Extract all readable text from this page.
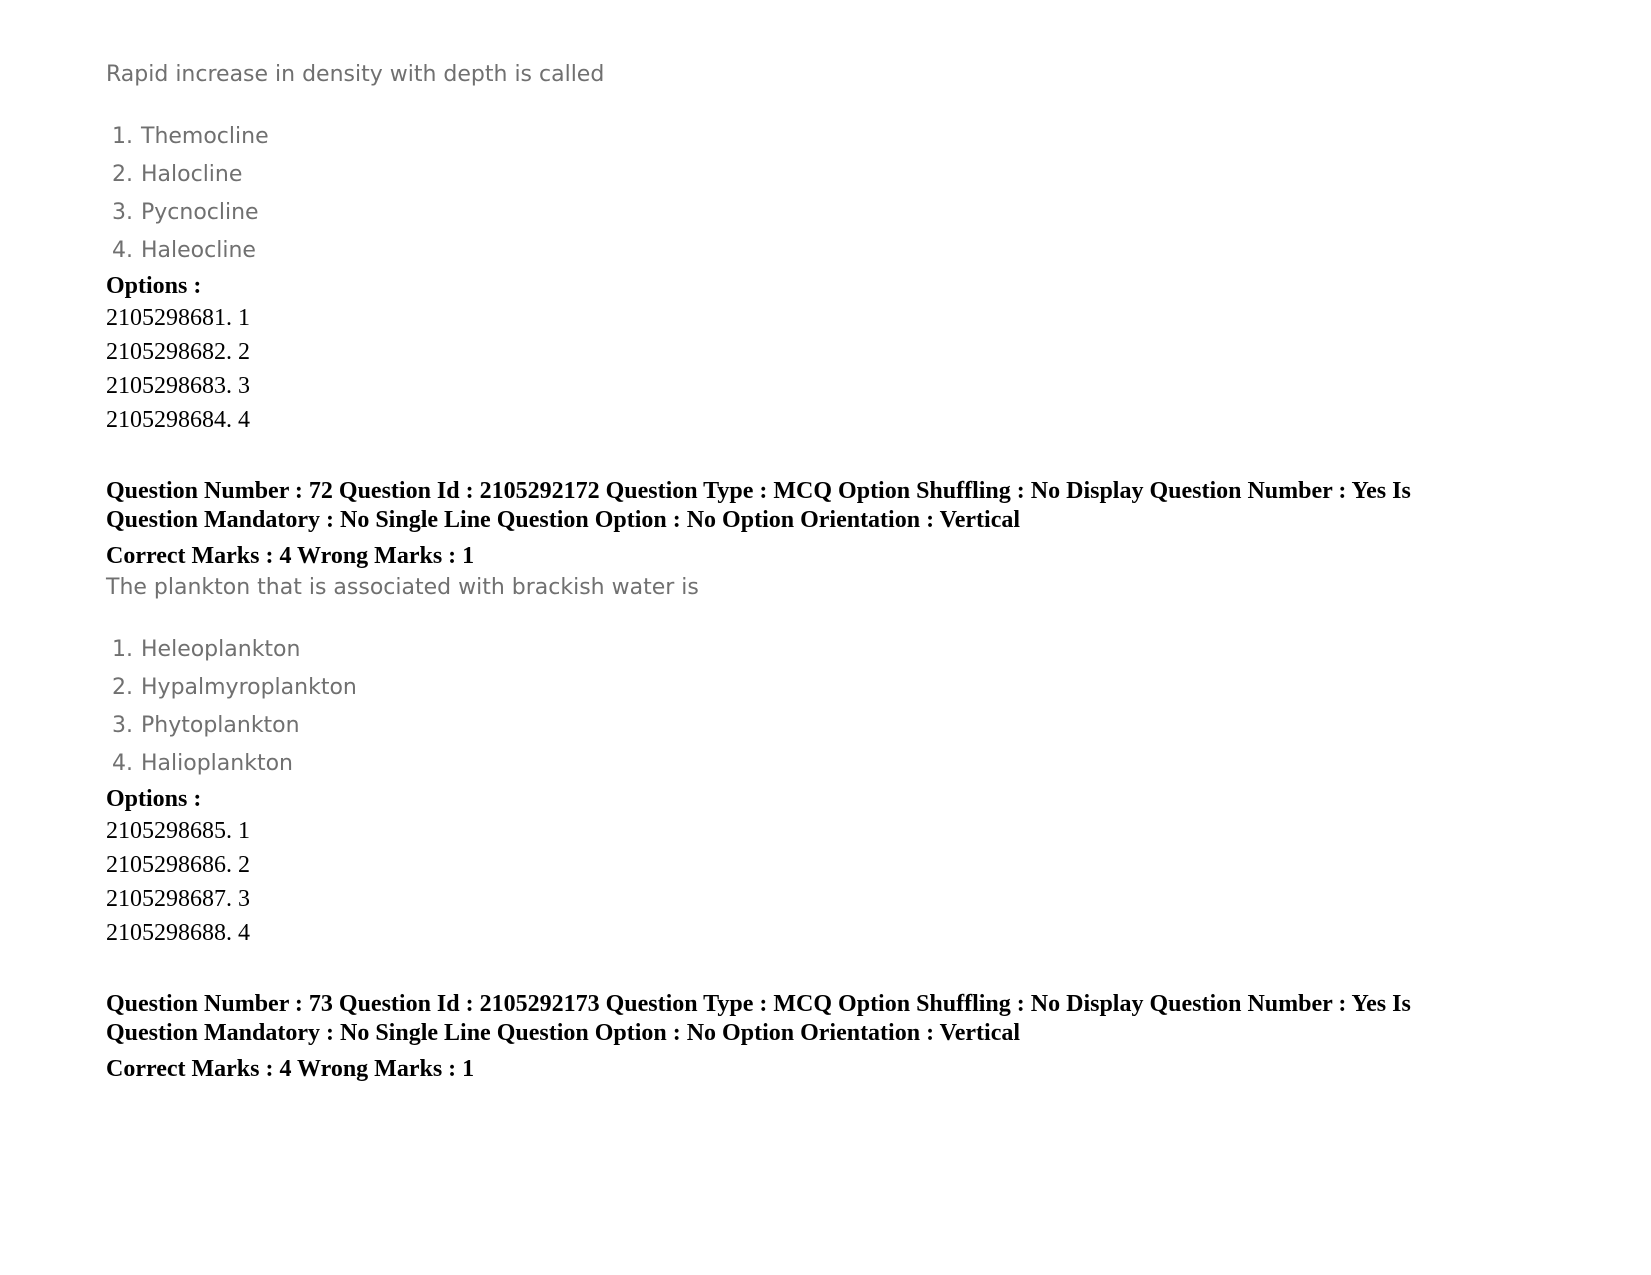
Rapid increase in density with depth is called

1. Themocline
2. Halocline
3. Pycnocline
4. Haleocline
Options :
2105298681. 1
2105298682. 2
2105298683. 3
2105298684. 4

Question Number : 72 Question Id : 2105292172 Question Type : MCQ Option Shuffling : No Display Question Number : Yes Is

Question Mandatory : No Single Line Question Option : No Option Orientation : Vertical

Correct Marks : 4 Wrong Marks : 1

The plankton that is associated with brackish water is

1. Heleoplankton
2. Hypalmyroplankton
3. Phytoplankton
4. Halioplankton
Options :
2105298685. 1
2105298686. 2
2105298687. 3
2105298688. 4

Question Number : 73 Question Id : 2105292173 Question Type : MCQ Option Shuffling : No Display Question Number : Yes Is

Question Mandatory : No Single Line Question Option : No Option Orientation : Vertical

Correct Marks : 4 Wrong Marks : 1
